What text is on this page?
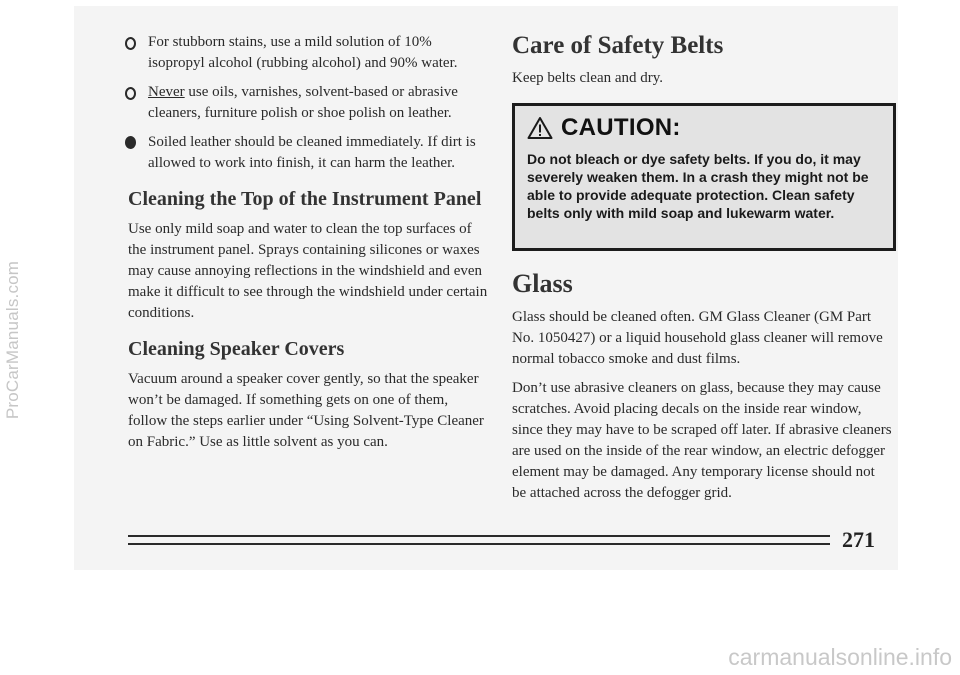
ProCarManuals.com

For stubborn stains, use a mild solution of 10% isopropyl alcohol (rubbing alcohol) and 90% water.

Never use oils, varnishes, solvent-based or abrasive cleaners, furniture polish or shoe polish on leather.

Soiled leather should be cleaned immediately. If dirt is allowed to work into finish, it can harm the leather.

Cleaning the Top of the Instrument Panel

Use only mild soap and water to clean the top surfaces of the instrument panel. Sprays containing silicones or waxes may cause annoying reflections in the windshield and even make it difficult to see through the windshield under certain conditions.

Cleaning Speaker Covers

Vacuum around a speaker cover gently, so that the speaker won’t be damaged. If something gets on one of them, follow the steps earlier under “Using Solvent-Type Cleaner on Fabric.” Use as little solvent as you can.

Care of Safety Belts

Keep belts clean and dry.

CAUTION:

Do not bleach or dye safety belts. If you do, it may severely weaken them. In a crash they might not be able to provide adequate protection. Clean safety belts only with mild soap and lukewarm water.

Glass

Glass should be cleaned often. GM Glass Cleaner (GM Part No. 1050427) or a liquid household glass cleaner will remove normal tobacco smoke and dust films.

Don’t use abrasive cleaners on glass, because they may cause scratches. Avoid placing decals on the inside rear window, since they may have to be scraped off later. If abrasive cleaners are used on the inside of the rear window, an electric defogger element may be damaged. Any temporary license should not be attached across the defogger grid.

271
carmanualsonline.info
